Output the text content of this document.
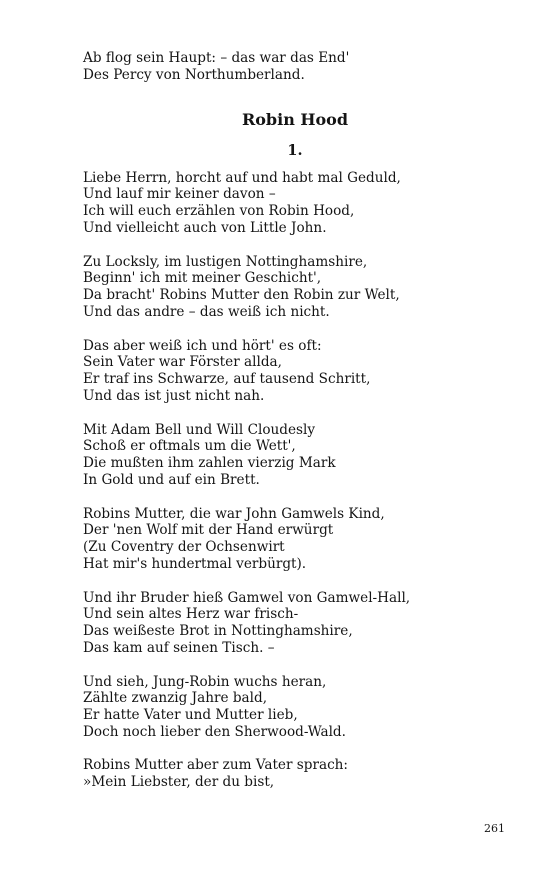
Ab flog sein Haupt: – das war das End'
Des Percy von Northumberland.
Robin Hood
1.
Liebe Herrn, horcht auf und habt mal Geduld,
Und lauf mir keiner davon –
Ich will euch erzählen von Robin Hood,
Und vielleicht auch von Little John.
Zu Locksly, im lustigen Nottinghamshire,
Beginn' ich mit meiner Geschicht',
Da bracht' Robins Mutter den Robin zur Welt,
Und das andre – das weiß ich nicht.
Das aber weiß ich und hört' es oft:
Sein Vater war Förster allda,
Er traf ins Schwarze, auf tausend Schritt,
Und das ist just nicht nah.
Mit Adam Bell und Will Cloudesly
Schoß er oftmals um die Wett',
Die mußten ihm zahlen vierzig Mark
In Gold und auf ein Brett.
Robins Mutter, die war John Gamwels Kind,
Der 'nen Wolf mit der Hand erwürgt
(Zu Coventry der Ochsenwirt
Hat mir's hundertmal verbürgt).
Und ihr Bruder hieß Gamwel von Gamwel-Hall,
Und sein altes Herz war frisch-
Das weißeste Brot in Nottinghamshire,
Das kam auf seinen Tisch. –
Und sieh, Jung-Robin wuchs heran,
Zählte zwanzig Jahre bald,
Er hatte Vater und Mutter lieb,
Doch noch lieber den Sherwood-Wald.
Robins Mutter aber zum Vater sprach:
»Mein Liebster, der du bist,
261
